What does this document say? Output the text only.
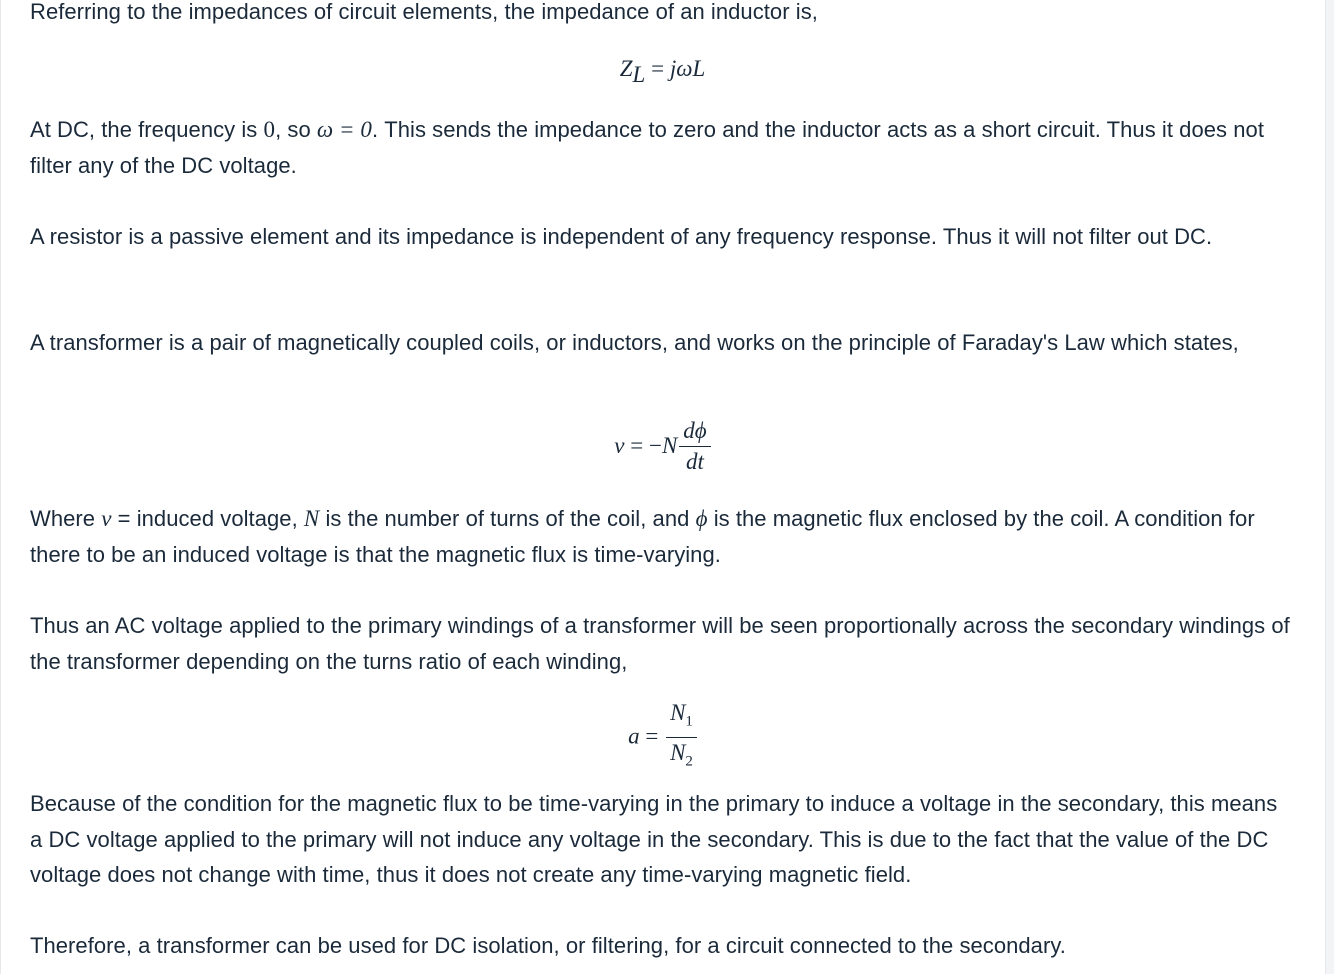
Referring to the impedances of circuit elements, the impedance of an inductor is,

$Z_L = j\omega L$

At DC, the frequency is 0, so ω = 0. This sends the impedance to zero and the inductor acts as a short circuit. Thus it does not filter any of the DC voltage.

A resistor is a passive element and its impedance is independent of any frequency response. Thus it will not filter out DC.

A transformer is a pair of magnetically coupled coils, or inductors, and works on the principle of Faraday's Law which states,

$v = -N \frac{d\phi}{dt}$

Where v = induced voltage, N is the number of turns of the coil, and ϕ is the magnetic flux enclosed by the coil. A condition for there to be an induced voltage is that the magnetic flux is time-varying.

Thus an AC voltage applied to the primary windings of a transformer will be seen proportionally across the secondary windings of the transformer depending on the turns ratio of each winding,

$a = \frac{N_1}{N_2}$

Because of the condition for the magnetic flux to be time-varying in the primary to induce a voltage in the secondary, this means a DC voltage applied to the primary will not induce any voltage in the secondary. This is due to the fact that the value of the DC voltage does not change with time, thus it does not create any time-varying magnetic field.

Therefore, a transformer can be used for DC isolation, or filtering, for a circuit connected to the secondary.
